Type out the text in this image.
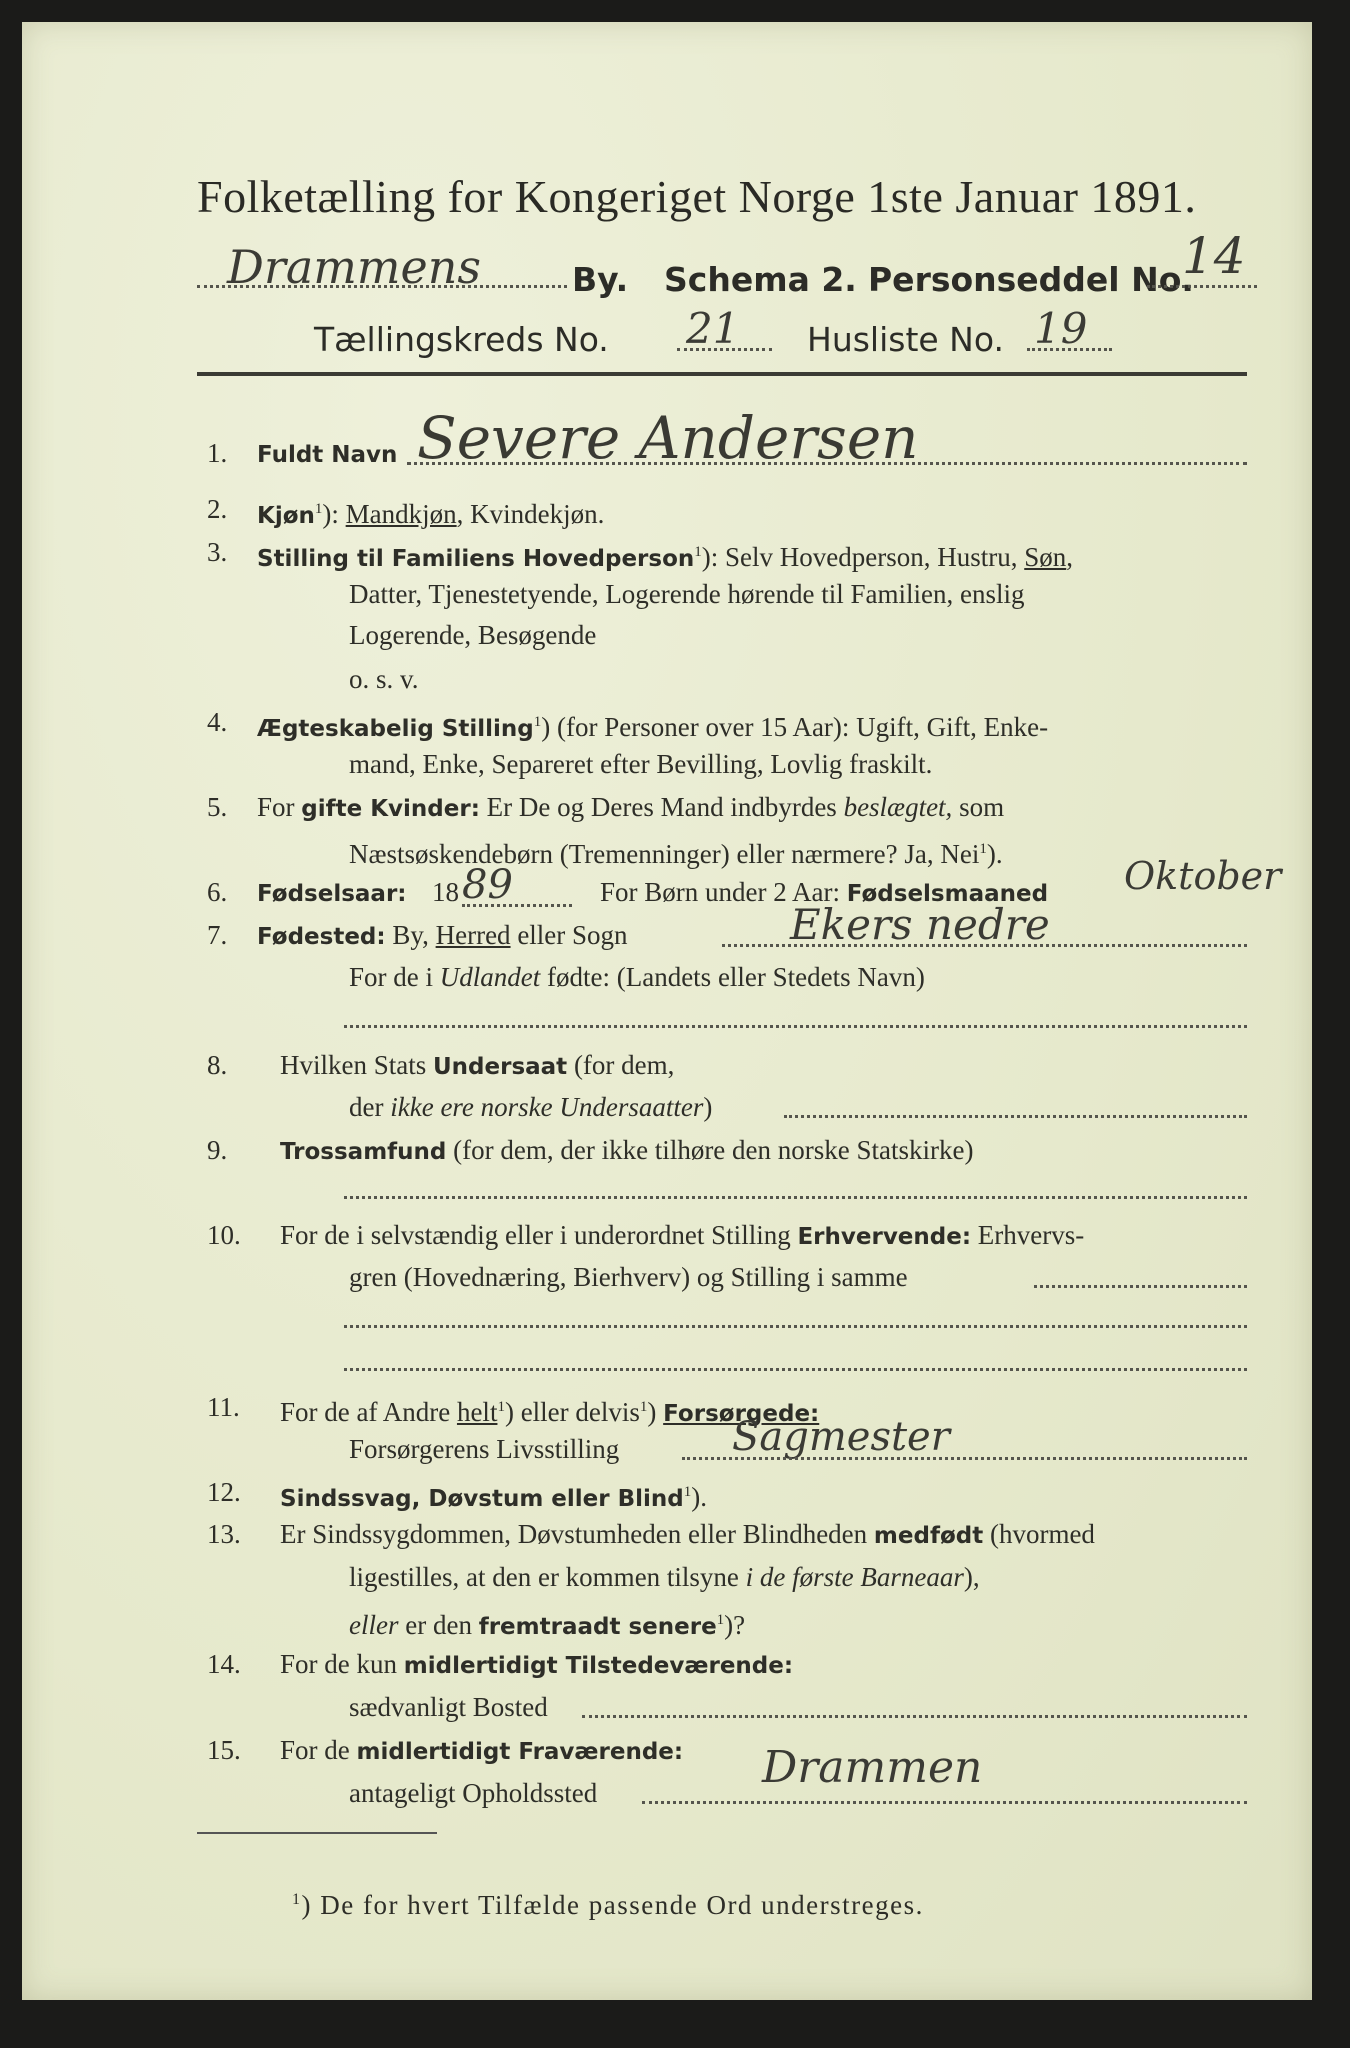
Folketælling for Kongeriget Norge 1ste Januar 1891.
Drammens	By. Schema 2. Personseddel No.
14
Tællingskreds No. 21 Husliste No. 19
1. Fuldt Navn Severe Andersen
2. Kjøn$^1$): Mandkjøn, Kvindekjøn.
3. Stilling til Familiens Hovedperson$^1$): Selv Hovedperson, Hustru, Søn,
Datter, Tjenestetyende, Logerende hørende til Familien, enslig
Logerende, Besøgende
o. s. v.
4. Ægteskabelig Stilling$^1$) (for Personer over 15 Aar): Ugift, Gift, Enke-
mand, Enke, Separeret efter Bevilling, Lovlig fraskilt.
5. For gifte Kvinder: Er De og Deres Mand indbyrdes beslægtet, som
Næstsøskendebørn (Tremenninger) eller nærmere? Ja, Nei$^1$).
6. Fødselsaar: 18 89	For Børn under 2 Aar: Fødselsmaaned Oktober
7. Fødested: By, Herred eller Sogn	Ekers nedre
For de i Udlandet fødte: (Landets eller Stedets Navn)
8. Hvilken Stats Undersaat (for dem,
der ikke ere norske Undersaatter)
9. Trossamfund (for dem, der ikke tilhøre den norske Statskirke)
10. For de i selvstændig eller i underordnet Stilling Erhvervende: Erhvervs-
gren (Hovednæring, Bierhverv) og Stilling i samme
11. For de af Andre helt$^1$) eller delvis$^1$) Forsørgede:
Forsørgerens Livsstilling	Sagmester
12. Sindssvag, Døvstum eller Blind$^1$).
13. Er Sindssygdommen, Døvstumheden eller Blindheden medfødt (hvormed
ligestilles, at den er kommen tilsyne i de første Barneaar),
eller er den fremtraadt senere$^1$)?
14. For de kun midlertidigt Tilstedeværende:
sædvanligt Bosted
15. For de midlertidigt Fraværende:
antageligt Opholdssted	Drammen
$^1$) De for hvert Tilfælde passende Ord understreges.
